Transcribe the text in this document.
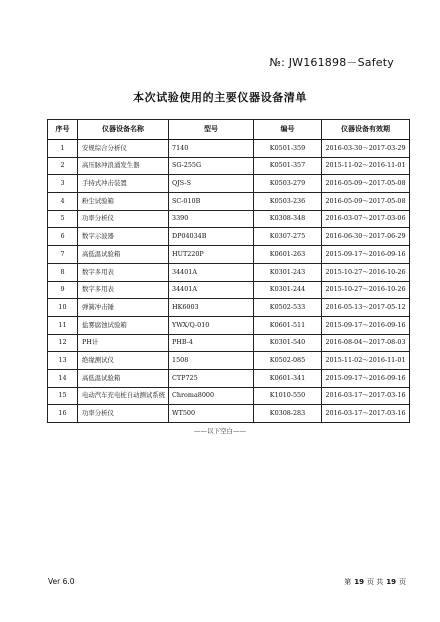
№: JW161898－Safety
本次试验使用的主要仪器设备清单
序号	仪器设备名称	型号	编号	仪器设备有效期
1	安规综合分析仪	7140	K0501-359	2016-03-30～2017-03-29
2	高压脉冲浪涌发生器	SG-255G	K0501-357	2015-11-02～2016-11-01
3	手持式冲击装置	QJS-S	K0503-279	2016-05-09～2017-05-08
4	粉尘试验箱	SC-010B	K0503-236	2016-05-09～2017-05-08
5	功率分析仪	3390	K0308-348	2016-03-07～2017-03-06
6	数字示波器	DP04034B	K0307-275	2016-06-30～2017-06-29
7	高低温试验箱	HUT220P	K0601-263	2015-09-17～2016-09-16
8	数字多用表	34401A	K0301-243	2015-10-27～2016-10-26
9	数字多用表	34401A	K0301-244	2015-10-27～2016-10-26
10	弹簧冲击锤	HK6003	K0502-533	2016-05-13～2017-05-12
11	盐雾腐蚀试验箱	YWX/Q-010	K0601-511	2015-09-17～2016-09-16
12	PH计	PHB-4	K0301-540	2016-08-04～2017-08-03
13	绝缘测试仪	1508	K0502-085	2015-11-02～2016-11-01
14	高低温试验箱	CTP725	K0601-341	2015-09-17～2016-09-16
15	电动汽车充电桩自动测试系统	Chroma8000	K1010-550	2016-03-17～2017-03-16
16	功率分析仪	WT500	K0308-283	2016-03-17～2017-03-16
——以下空白——
Ver 6.0	第 19 页 共 19 页
